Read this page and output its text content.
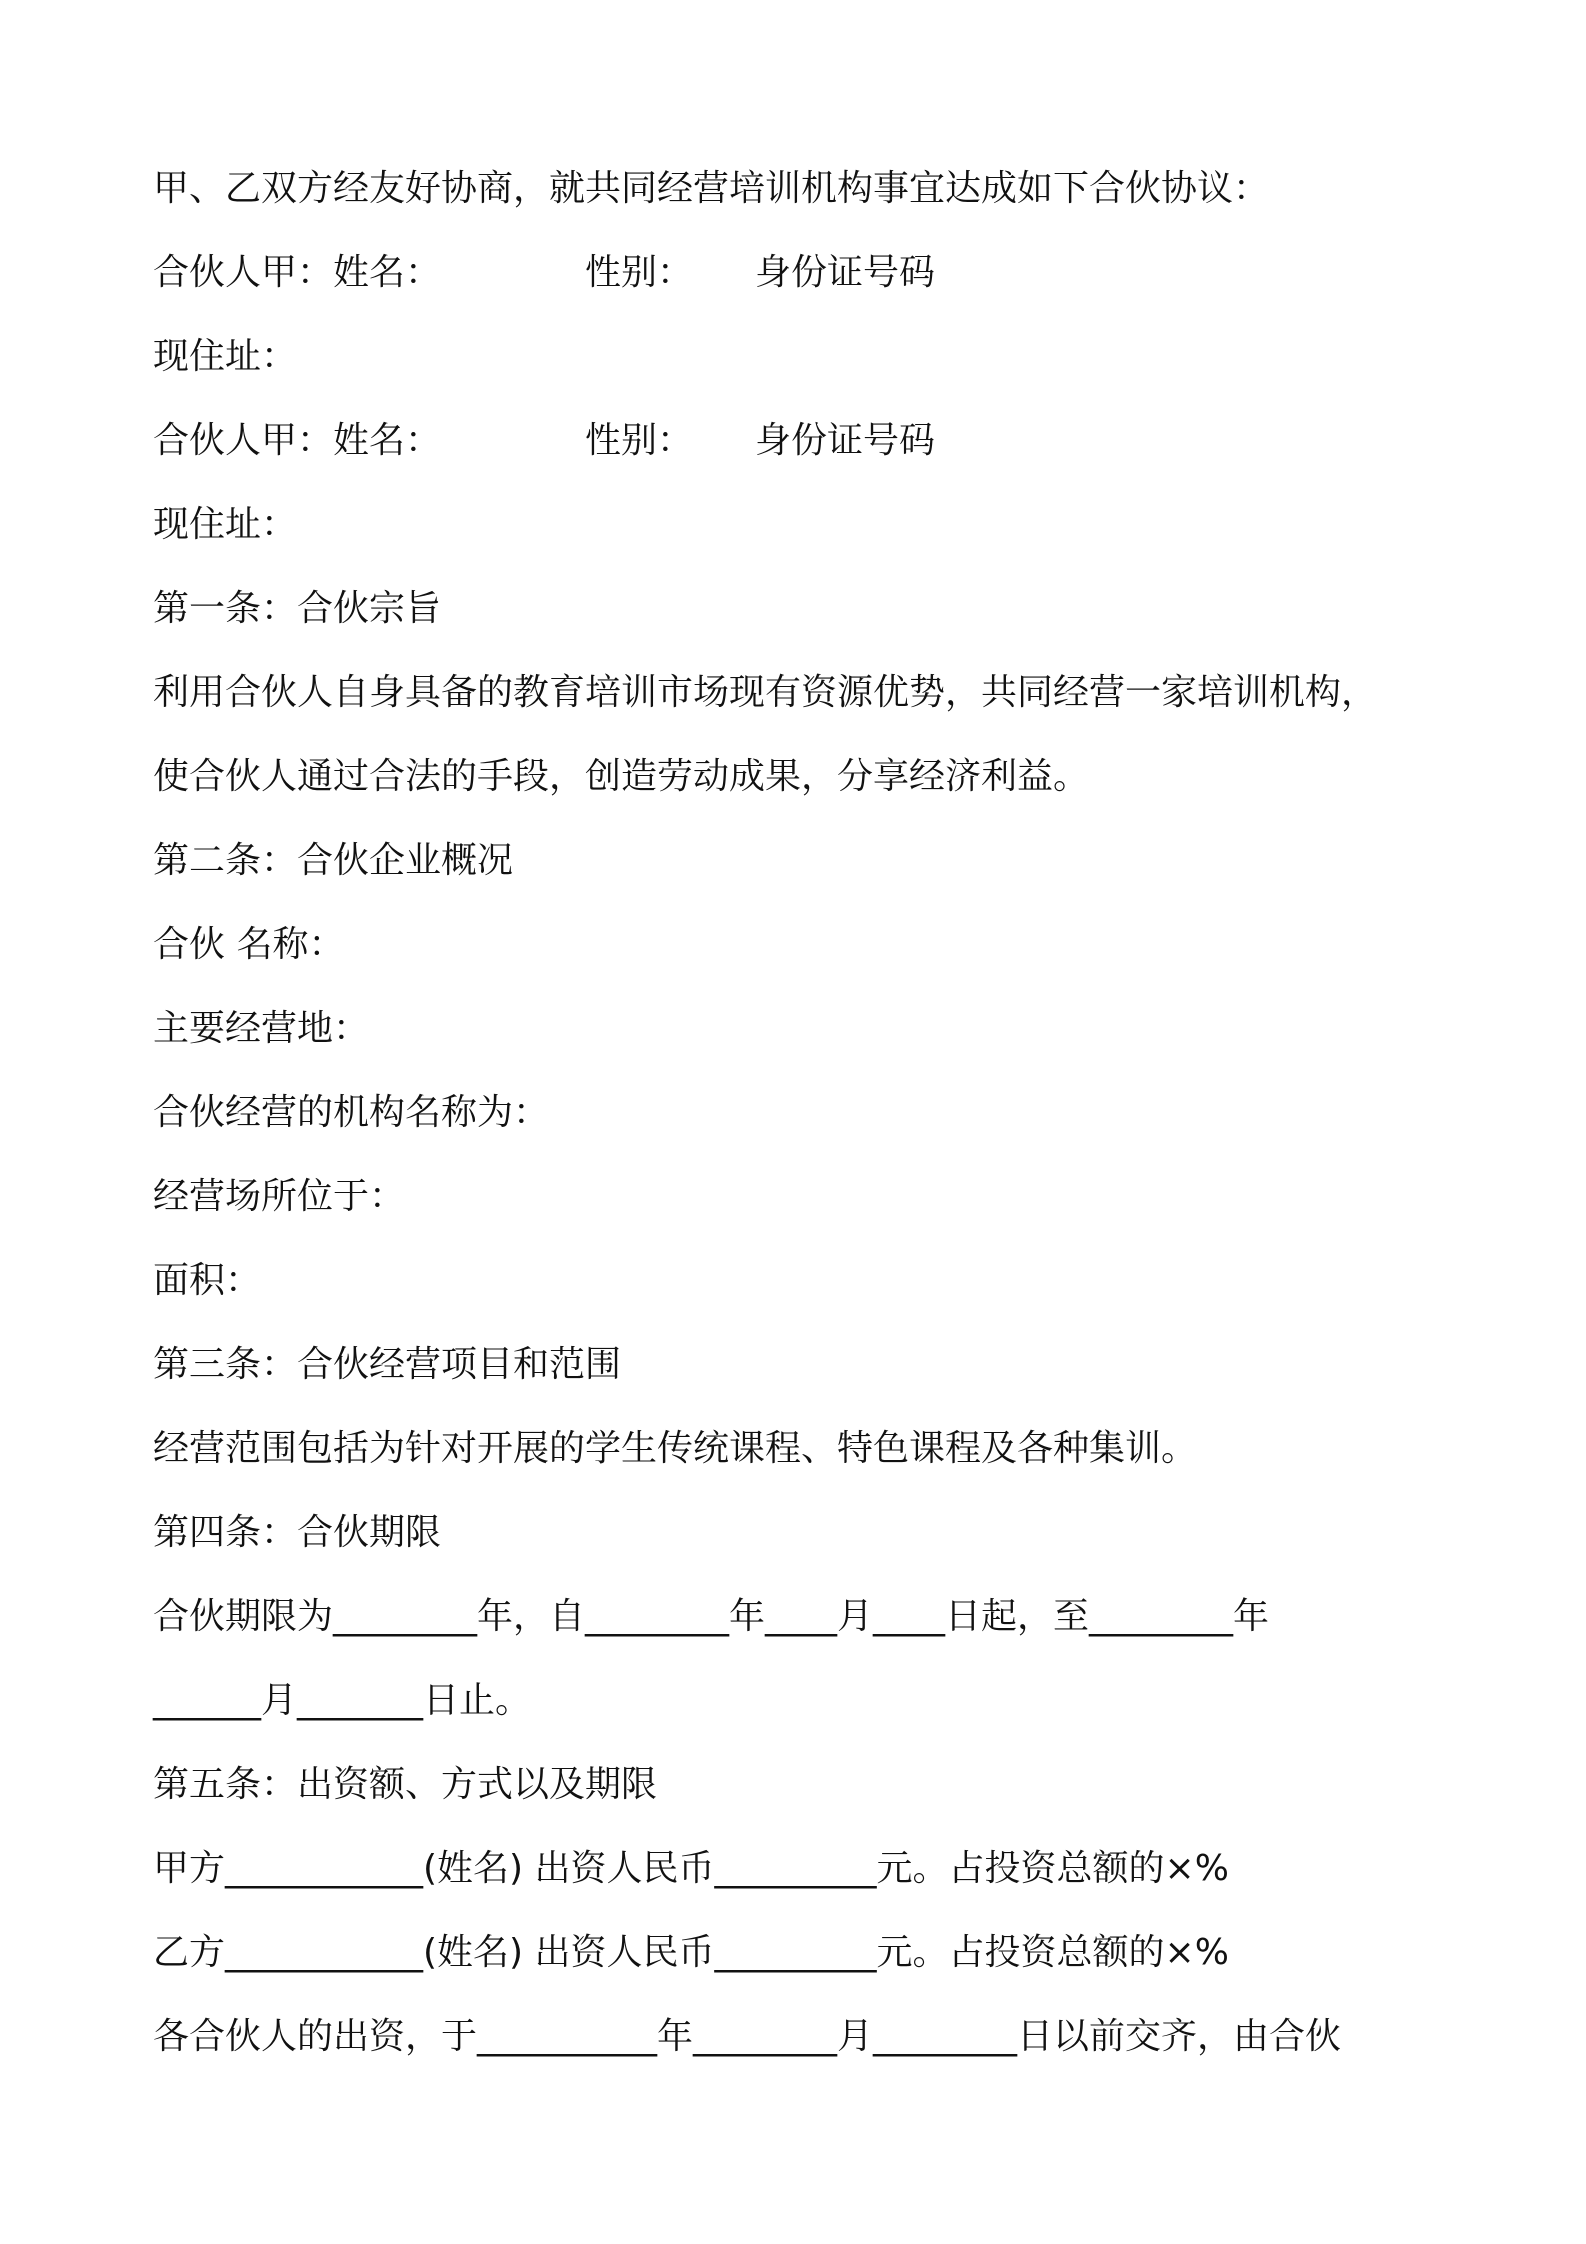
甲、乙双方经友好协商，就共同经营培训机构事宜达成如下合伙协议：
合伙人甲：姓名：	性别： 身份证号码
现住址：
合伙人甲：姓名：	性别： 身份证号码
现住址：
第一条：合伙宗旨
利用合伙人自身具备的教育培训市场现有资源优势，共同经营一家培训机构，
使合伙人通过合法的手段，创造劳动成果，分享经济利益。
第二条：合伙企业概况
合伙 名称：
主要经营地：
合伙经营的机构名称为：
经营场所位于：
面积：
第三条：合伙经营项目和范围
经营范围包括为针对开展的学生传统课程、特色课程及各种集训。
第四条：合伙期限
合伙期限为________年，自________年____月____日起，至________年
______月_______日止。
第五条：出资额、方式以及期限
甲方___________(姓名) 出资人民币_________元。占投资总额的×%
乙方___________(姓名) 出资人民币_________元。占投资总额的×%
各合伙人的出资，于__________年________月________日以前交齐，由合伙
